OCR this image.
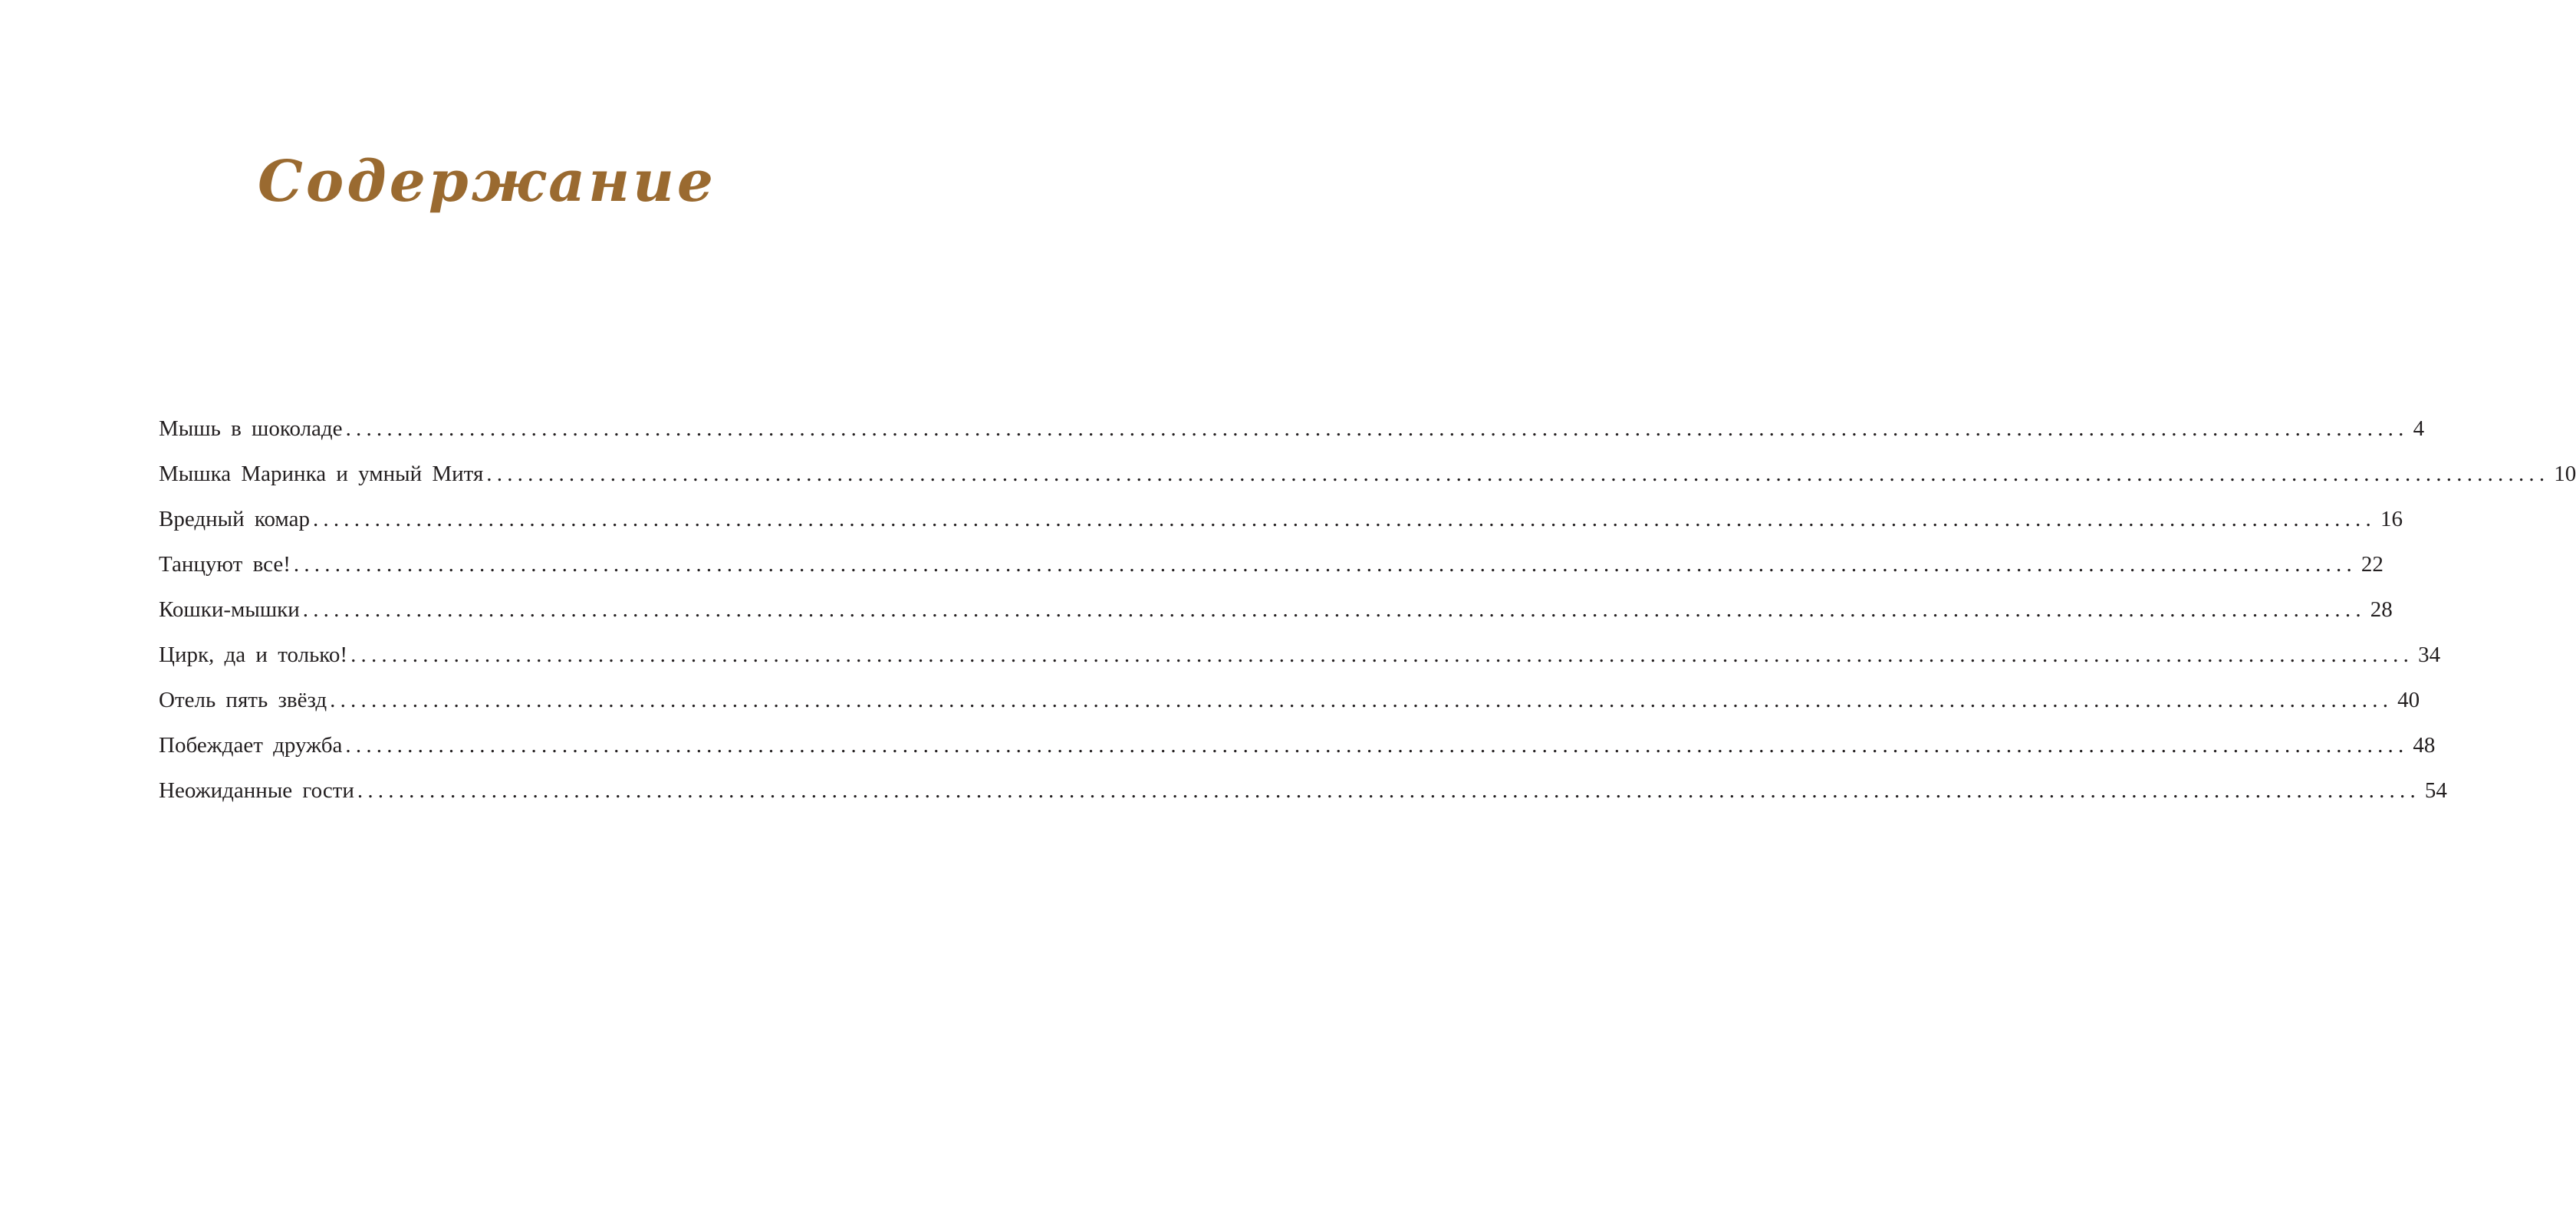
Содержание
Мышь в шоколаде ........................................................................................................................................................................................................ 4
Мышка Маринка и умный Митя ........................................................................................................................................................................................................ 10
Вредный комар ........................................................................................................................................................................................................ 16
Танцуют все! ........................................................................................................................................................................................................ 22
Кошки-мышки ........................................................................................................................................................................................................ 28
Цирк, да и только! ........................................................................................................................................................................................................ 34
Отель пять звёзд ........................................................................................................................................................................................................ 40
Побеждает дружба ........................................................................................................................................................................................................ 48
Неожиданные гости ........................................................................................................................................................................................................ 54
